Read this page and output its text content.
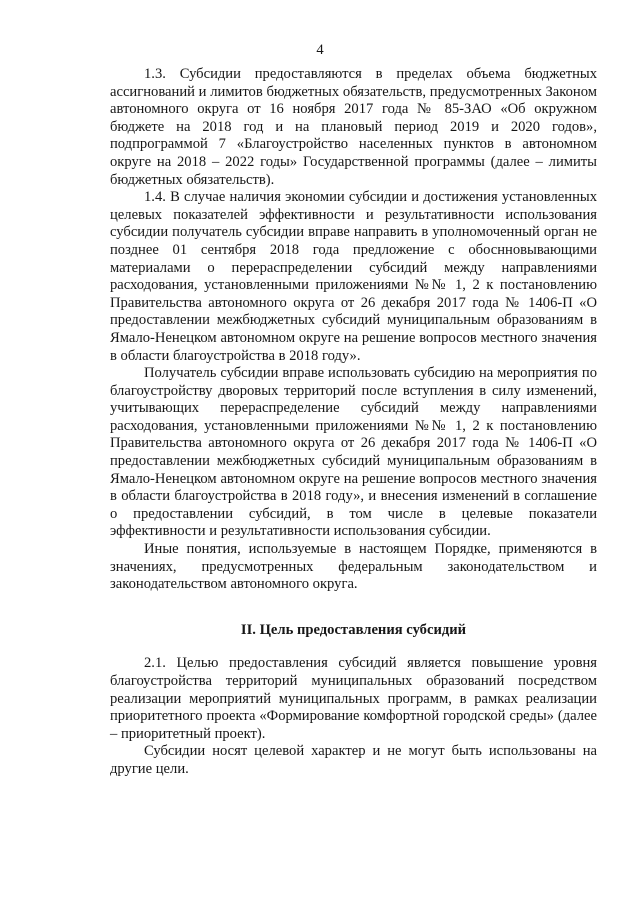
4

1.3. Субсидии предоставляются в пределах объема бюджетных ассигнований и лимитов бюджетных обязательств, предусмотренных Законом автономного округа от 16 ноября 2017 года № 85-ЗАО «Об окружном бюджете на 2018 год и на плановый период 2019 и 2020 годов», подпрограммой 7 «Благоустройство населенных пунктов в автономном округе на 2018 – 2022 годы» Государственной программы (далее – лимиты бюджетных обязательств).

1.4. В случае наличия экономии субсидии и достижения установленных целевых показателей эффективности и результативности использования субсидии получатель субсидии вправе направить в уполномоченный орган не позднее 01 сентября 2018 года предложение с обоснновывающими материалами о перераспределении субсидий между направлениями расходования, установленными приложениями №№ 1, 2 к постановлению Правительства автономного округа от 26 декабря 2017 года № 1406-П «О предоставлении межбюджетных субсидий муниципальным образованиям в Ямало-Ненецком автономном округе на решение вопросов местного значения в области благоустройства в 2018 году».

Получатель субсидии вправе использовать субсидию на мероприятия по благоустройству дворовых территорий после вступления в силу изменений, учитывающих перераспределение субсидий между направлениями расходования, установленными приложениями №№ 1, 2 к постановлению Правительства автономного округа от 26 декабря 2017 года № 1406-П «О предоставлении межбюджетных субсидий муниципальным образованиям в Ямало-Ненецком автономном округе на решение вопросов местного значения в области благоустройства в 2018 году», и внесения изменений в соглашение о предоставлении субсидий, в том числе в целевые показатели эффективности и результативности использования субсидии.

Иные понятия, используемые в настоящем Порядке, применяются в значениях, предусмотренных федеральным законодательством и законодательством автономного округа.

II. Цель предоставления субсидий

2.1. Целью предоставления субсидий является повышение уровня благоустройства территорий муниципальных образований посредством реализации мероприятий муниципальных программ, в рамках реализации приоритетного проекта «Формирование комфортной городской среды» (далее – приоритетный проект).

Субсидии носят целевой характер и не могут быть использованы на другие цели.
